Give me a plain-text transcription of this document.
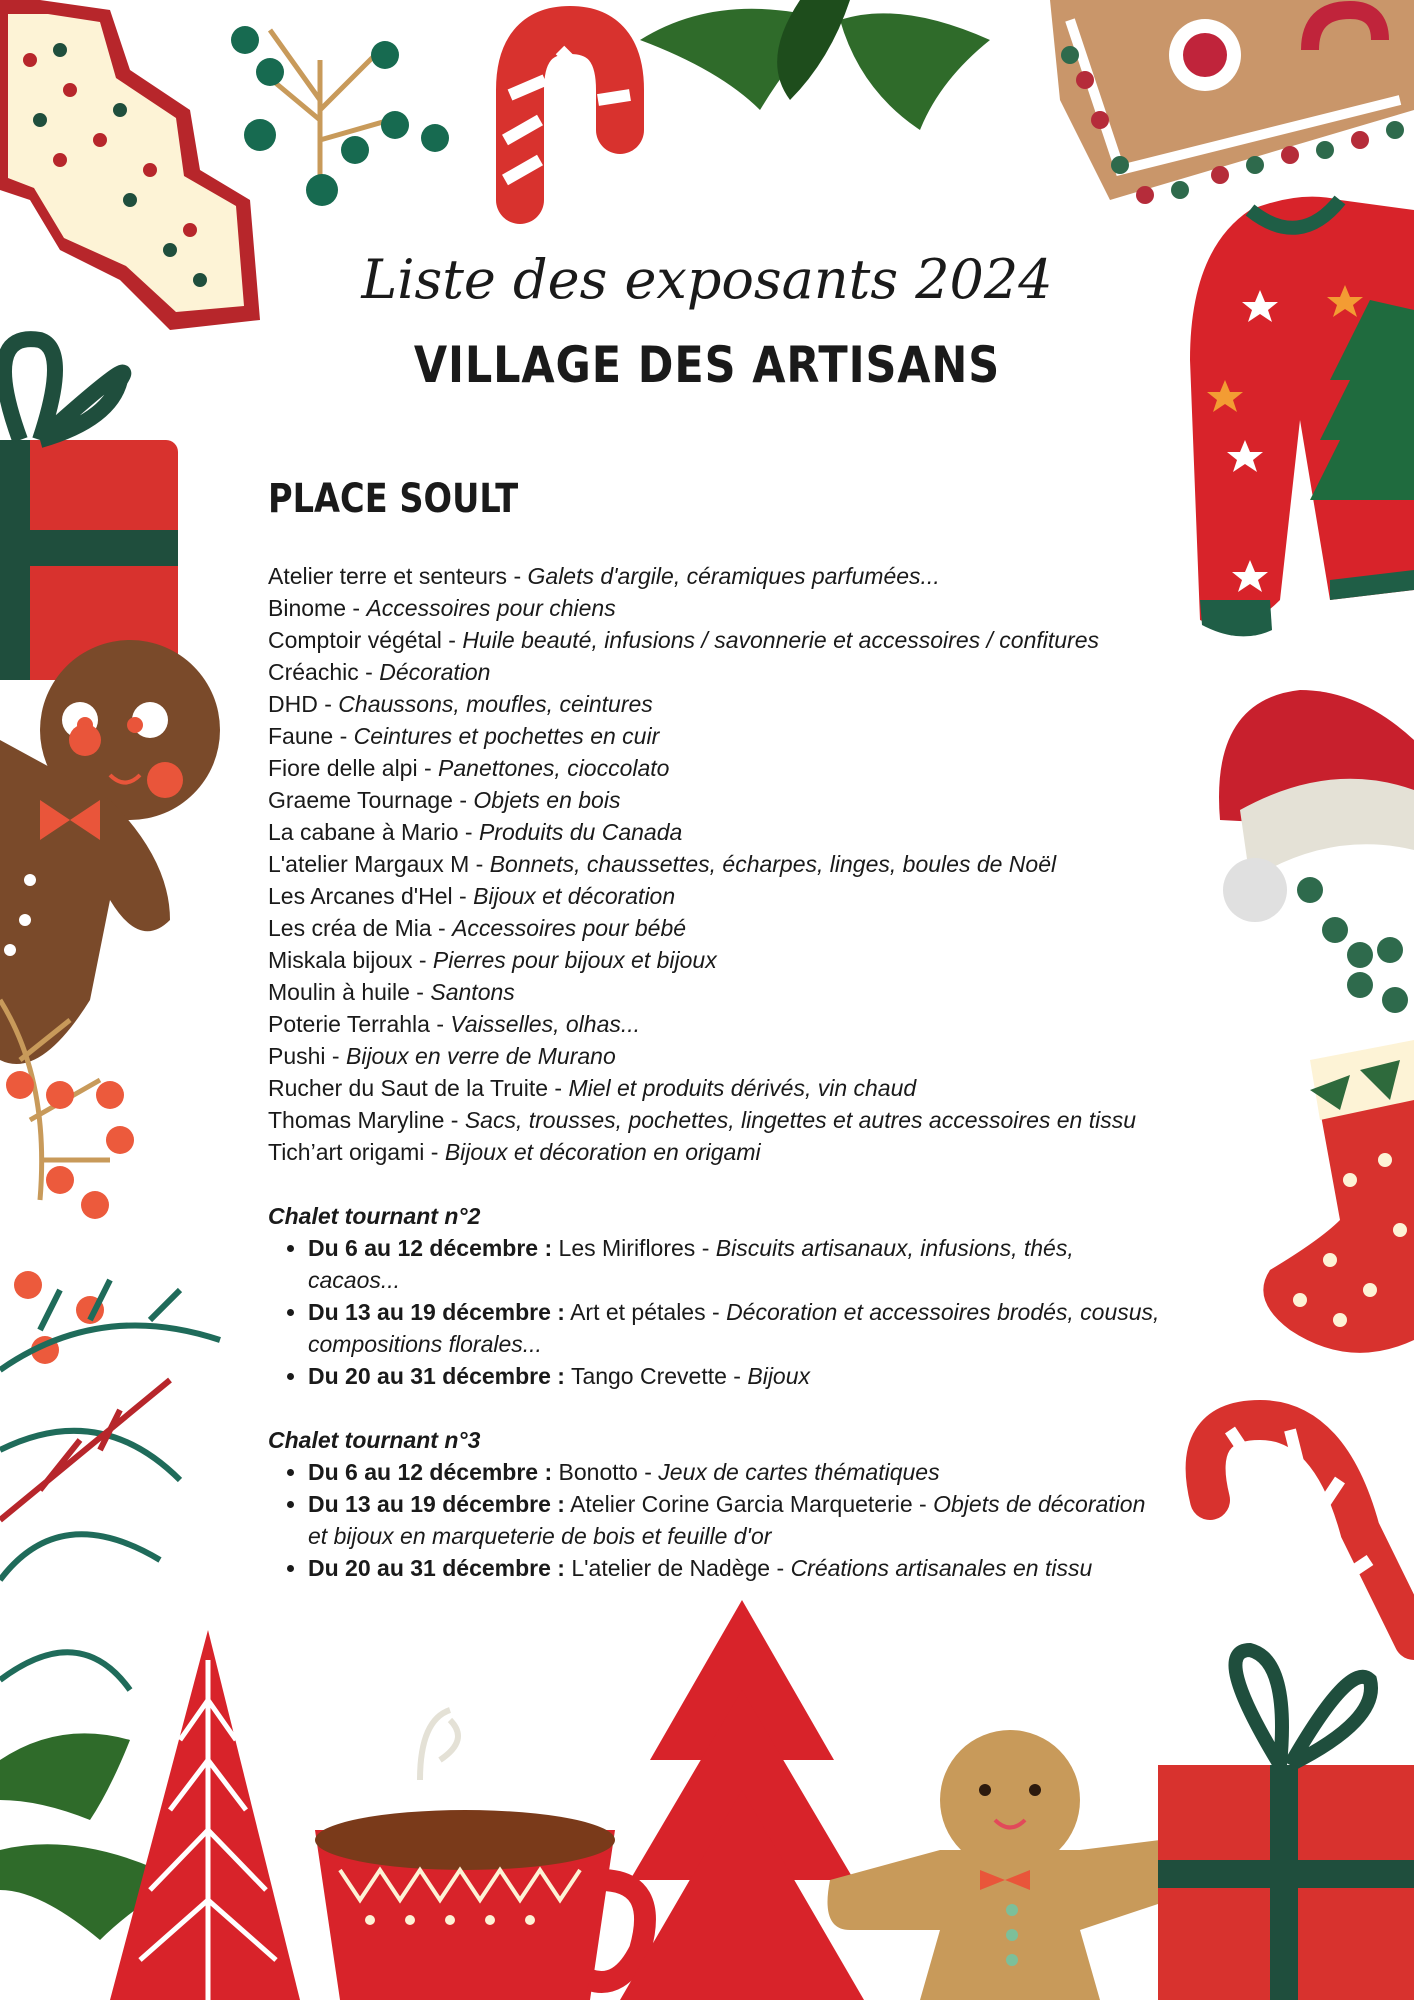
Liste des exposants 2024
VILLAGE DES ARTISANS
PLACE SOULT
Atelier terre et senteurs - Galets d'argile, céramiques parfumées...
Binome - Accessoires pour chiens
Comptoir végétal - Huile beauté, infusions / savonnerie et accessoires / confitures
Créachic - Décoration
DHD - Chaussons, moufles, ceintures
Faune - Ceintures et pochettes en cuir
Fiore delle alpi - Panettones, cioccolato
Graeme Tournage - Objets en bois
La cabane à Mario - Produits du Canada
L'atelier Margaux M - Bonnets, chaussettes, écharpes, linges, boules de Noël
Les Arcanes d'Hel - Bijoux et décoration
Les créa de Mia - Accessoires pour bébé
Miskala bijoux - Pierres pour bijoux et bijoux
Moulin à huile - Santons
Poterie Terrahla - Vaisselles, olhas...
Pushi - Bijoux en verre de Murano
Rucher du Saut de la Truite - Miel et produits dérivés, vin chaud
Thomas Maryline - Sacs, trousses, pochettes, lingettes et autres accessoires en tissu
Tich’art origami - Bijoux et décoration en origami
Chalet tournant n°2
• Du 6 au 12 décembre : Les Miriflores - Biscuits artisanaux, infusions, thés, cacaos...
• Du 13 au 19 décembre : Art et pétales - Décoration et accessoires brodés, cousus, compositions florales...
• Du 20 au 31 décembre : Tango Crevette - Bijoux
Chalet tournant n°3
• Du 6 au 12 décembre : Bonotto - Jeux de cartes thématiques
• Du 13 au 19 décembre : Atelier Corine Garcia Marqueterie - Objets de décoration et bijoux en marqueterie de bois et feuille d'or
• Du 20 au 31 décembre : L'atelier de Nadège - Créations artisanales en tissu
